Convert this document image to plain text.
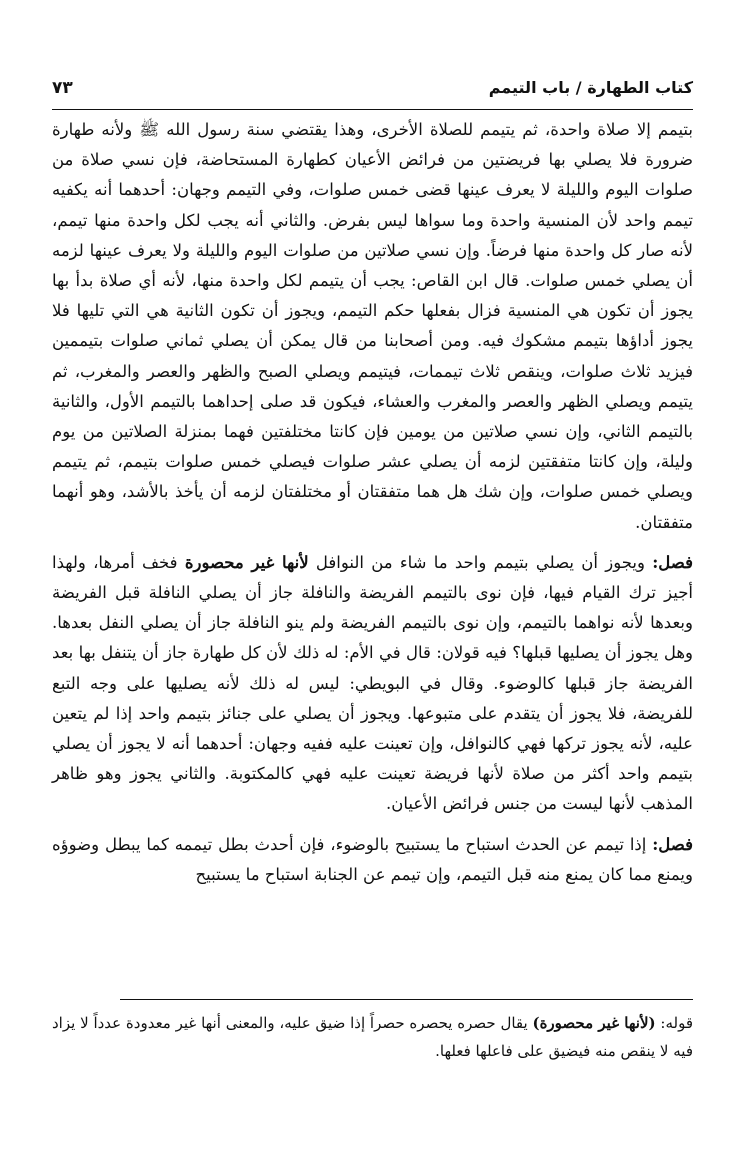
كتاب الطهارة / باب التيمم
٧٣

بتيمم إلا صلاة واحدة، ثم يتيمم للصلاة الأخرى، وهذا يقتضي سنة رسول الله ﷺ ولأنه طهارة ضرورة فلا يصلي بها فريضتين من فرائض الأعيان كطهارة المستحاضة، فإن نسي صلاة من صلوات اليوم والليلة لا يعرف عينها قضى خمس صلوات، وفي التيمم وجهان: أحدهما أنه يكفيه تيمم واحد لأن المنسية واحدة وما سواها ليس بفرض. والثاني أنه يجب لكل واحدة منها تيمم، لأنه صار كل واحدة منها فرضاً. وإن نسي صلاتين من صلوات اليوم والليلة ولا يعرف عينها لزمه أن يصلي خمس صلوات. قال ابن القاص: يجب أن يتيمم لكل واحدة منها، لأنه أي صلاة بدأ بها يجوز أن تكون هي المنسية فزال بفعلها حكم التيمم، ويجوز أن تكون الثانية هي التي تليها فلا يجوز أداؤها بتيمم مشكوك فيه. ومن أصحابنا من قال يمكن أن يصلي ثماني صلوات بتيممين فيزيد ثلاث صلوات، وينقص ثلاث تيممات، فيتيمم ويصلي الصبح والظهر والعصر والمغرب، ثم يتيمم ويصلي الظهر والعصر والمغرب والعشاء، فيكون قد صلى إحداهما بالتيمم الأول، والثانية بالتيمم الثاني، وإن نسي صلاتين من يومين فإن كانتا مختلفتين فهما بمنزلة الصلاتين من يوم وليلة، وإن كانتا متفقتين لزمه أن يصلي عشر صلوات فيصلي خمس صلوات بتيمم، ثم يتيمم ويصلي خمس صلوات، وإن شك هل هما متفقتان أو مختلفتان لزمه أن يأخذ بالأشد، وهو أنهما متفقتان.

فصل: ويجوز أن يصلي بتيمم واحد ما شاء من النوافل لأنها غير محصورة فخف أمرها، ولهذا أجيز ترك القيام فيها، فإن نوى بالتيمم الفريضة والنافلة جاز أن يصلي النافلة قبل الفريضة وبعدها لأنه نواهما بالتيمم، وإن نوى بالتيمم الفريضة ولم ينو النافلة جاز أن يصلي النفل بعدها. وهل يجوز أن يصليها قبلها؟ فيه قولان: قال في الأم: له ذلك لأن كل طهارة جاز أن يتنفل بها بعد الفريضة جاز قبلها كالوضوء. وقال في البويطي: ليس له ذلك لأنه يصليها على وجه التبع للفريضة، فلا يجوز أن يتقدم على متبوعها. ويجوز أن يصلي على جنائز بتيمم واحد إذا لم يتعين عليه، لأنه يجوز تركها فهي كالنوافل، وإن تعينت عليه ففيه وجهان: أحدهما أنه لا يجوز أن يصلي بتيمم واحد أكثر من صلاة لأنها فريضة تعينت عليه فهي كالمكتوبة. والثاني يجوز وهو ظاهر المذهب لأنها ليست من جنس فرائض الأعيان.

فصل: إذا تيمم عن الحدث استباح ما يستبيح بالوضوء، فإن أحدث بطل تيممه كما يبطل وضوؤه ويمنع مما كان يمنع منه قبل التيمم، وإن تيمم عن الجنابة استباح ما يستبيح

قوله: (لأنها غير محصورة) يقال حصره يحصره حصراً إذا ضيق عليه، والمعنى أنها غير معدودة عدداً لا يزاد فيه لا ينقص منه فيضيق على فاعلها فعلها.
